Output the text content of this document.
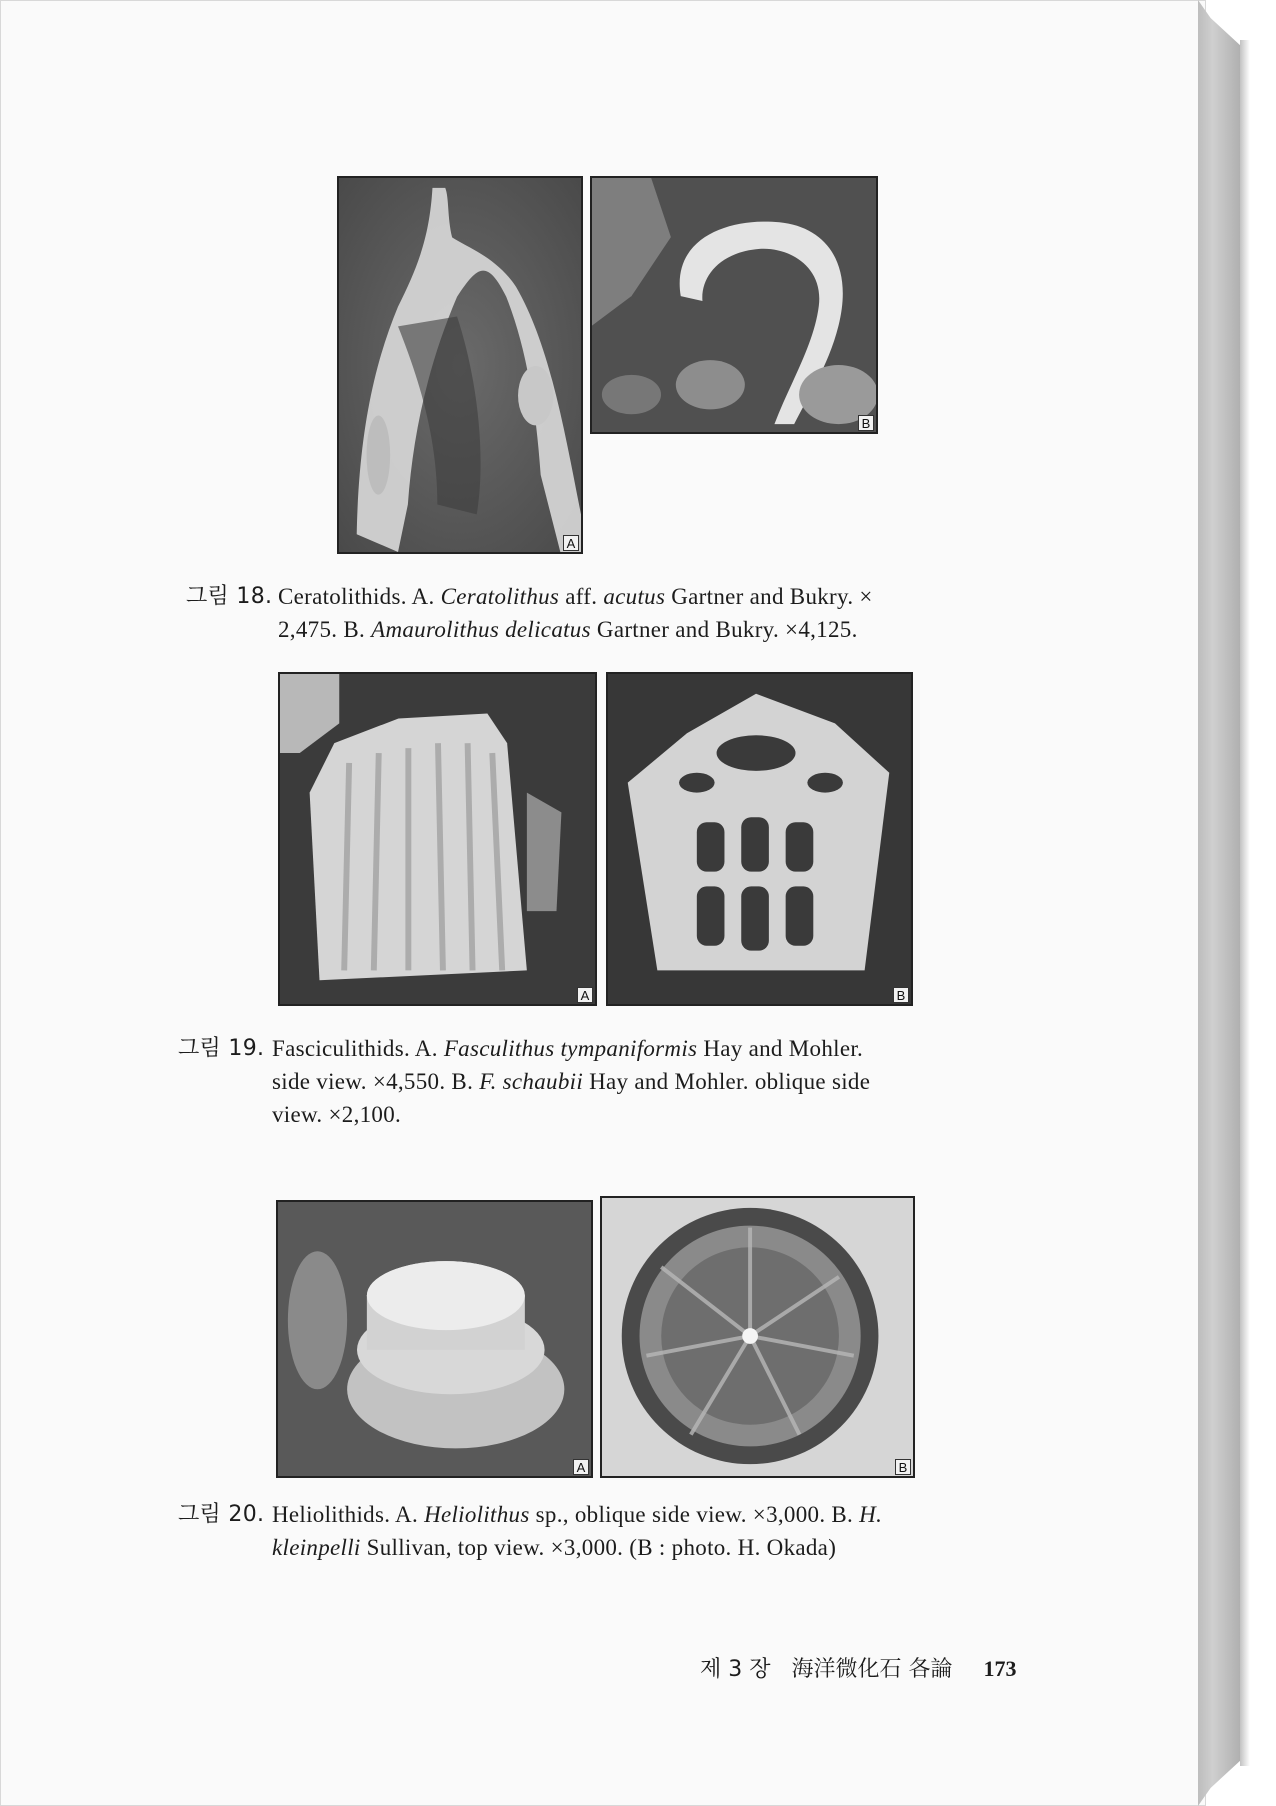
A
B
그림 18. Ceratolithids. A. Ceratolithus aff. acutus Gartner and Bukry. ×
2,475. B. Amaurolithus delicatus Gartner and Bukry. ×4,125.
A	B
그림 19. Fasciculithids. A. Fasculithus tympaniformis Hay and Mohler.
side view. ×4,550. B. F. schaubii Hay and Mohler. oblique side
view. ×2,100.
A	B
그림 20. Heliolithids. A. Heliolithus sp., oblique side view. ×3,000. B. H.
kleinpelli Sullivan, top view. ×3,000. (B : photo. H. Okada)
제 3 장 海洋微化石 各論 173
